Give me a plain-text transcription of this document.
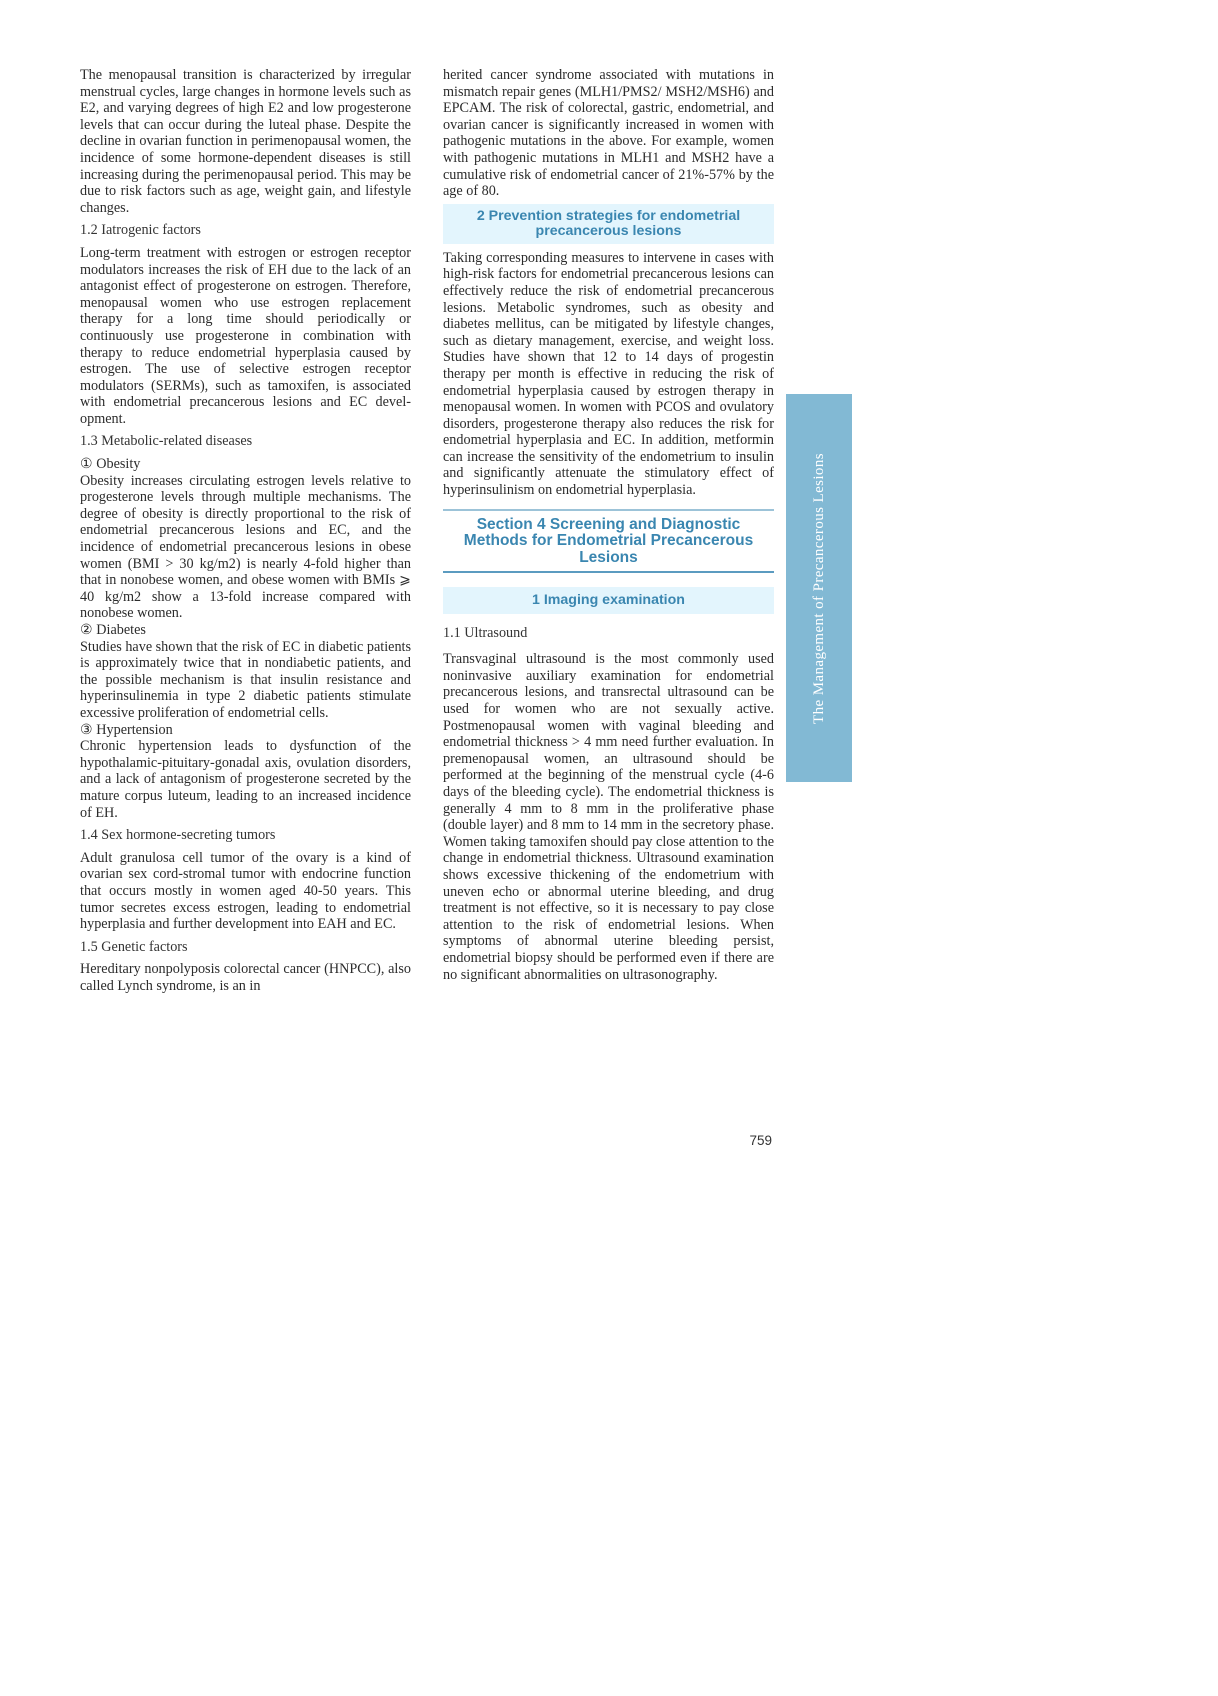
The menopausal transition is characterized by irregular menstrual cycles, large changes in hormone levels such as E2, and varying degrees of high E2 and low progesterone levels that can occur during the luteal phase. Despite the decline in ovarian function in perimenopausal women, the incidence of some hormone-dependent diseases is still increasing during the perimenopausal period. This may be due to risk factors such as age, weight gain, and lifestyle changes.

1.2 Iatrogenic factors

Long-term treatment with estrogen or estrogen receptor modulators increases the risk of EH due to the lack of an antagonist effect of progesterone on estrogen. Therefore, menopausal women who use estrogen replacement therapy for a long time should periodically or continuously use progesterone in combination with therapy to reduce endometrial hyperplasia caused by estrogen. The use of selective estrogen receptor modulators (SERMs), such as tamoxifen, is associated with endometrial precancerous lesions and EC development.

1.3 Metabolic-related diseases

① Obesity

Obesity increases circulating estrogen levels relative to progesterone levels through multiple mechanisms. The degree of obesity is directly proportional to the risk of endometrial precancerous lesions and EC, and the incidence of endometrial precancerous lesions in obese women (BMI > 30 kg/m2) is nearly 4-fold higher than that in nonobese women, and obese women with BMIs ⩾ 40 kg/m2 show a 13-fold increase compared with nonobese women.

② Diabetes

Studies have shown that the risk of EC in diabetic patients is approximately twice that in nondiabetic patients, and the possible mechanism is that insulin resistance and hyperinsulinemia in type 2 diabetic patients stimulate excessive proliferation of endometrial cells.

③ Hypertension

Chronic hypertension leads to dysfunction of the hypothalamic-pituitary-gonadal axis, ovulation disorders, and a lack of antagonism of progesterone secreted by the mature corpus luteum, leading to an increased incidence of EH.

1.4 Sex hormone-secreting tumors

Adult granulosa cell tumor of the ovary is a kind of ovarian sex cord-stromal tumor with endocrine function that occurs mostly in women aged 40-50 years. This tumor secretes excess estrogen, leading to endometrial hyperplasia and further development into EAH and EC.

1.5 Genetic factors

Hereditary nonpolyposis colorectal cancer (HNPCC), also called Lynch syndrome, is an in

herited cancer syndrome associated with mutations in mismatch repair genes (MLH1/PMS2/ MSH2/MSH6) and EPCAM. The risk of colorectal, gastric, endometrial, and ovarian cancer is significantly increased in women with pathogenic mutations in the above. For example, women with pathogenic mutations in MLH1 and MSH2 have a cumulative risk of endometrial cancer of 21%-57% by the age of 80.

2 Prevention strategies for endometrial precancerous lesions

Taking corresponding measures to intervene in cases with high-risk factors for endometrial precancerous lesions can effectively reduce the risk of endometrial precancerous lesions. Metabolic syndromes, such as obesity and diabetes mellitus, can be mitigated by lifestyle changes, such as dietary management, exercise, and weight loss. Studies have shown that 12 to 14 days of progestin therapy per month is effective in reducing the risk of endometrial hyperplasia caused by estrogen therapy in menopausal women. In women with PCOS and ovulatory disorders, progesterone therapy also reduces the risk for endometrial hyperplasia and EC. In addition, metformin can increase the sensitivity of the endometrium to insulin and significantly attenuate the stimulatory effect of hyperinsulinism on endometrial hyperplasia.

Section 4 Screening and Diagnostic Methods for Endometrial Precancerous Lesions
1 Imaging examination

1.1 Ultrasound

Transvaginal ultrasound is the most commonly used noninvasive auxiliary examination for endometrial precancerous lesions, and transrectal ultrasound can be used for women who are not sexually active. Postmenopausal women with vaginal bleeding and endometrial thickness > 4 mm need further evaluation. In premenopausal women, an ultrasound should be performed at the beginning of the menstrual cycle (4-6 days of the bleeding cycle). The endometrial thickness is generally 4 mm to 8 mm in the proliferative phase (double layer) and 8 mm to 14 mm in the secretory phase. Women taking tamoxifen should pay close attention to the change in endometrial thickness. Ultrasound examination shows excessive thickening of the endometrium with uneven echo or abnormal uterine bleeding, and drug treatment is not effective, so it is necessary to pay close attention to the risk of endometrial lesions. When symptoms of abnormal uterine bleeding persist, endometrial biopsy should be performed even if there are no significant abnormalities on ultrasonography.

The Management of Precancerous Lesions
759
